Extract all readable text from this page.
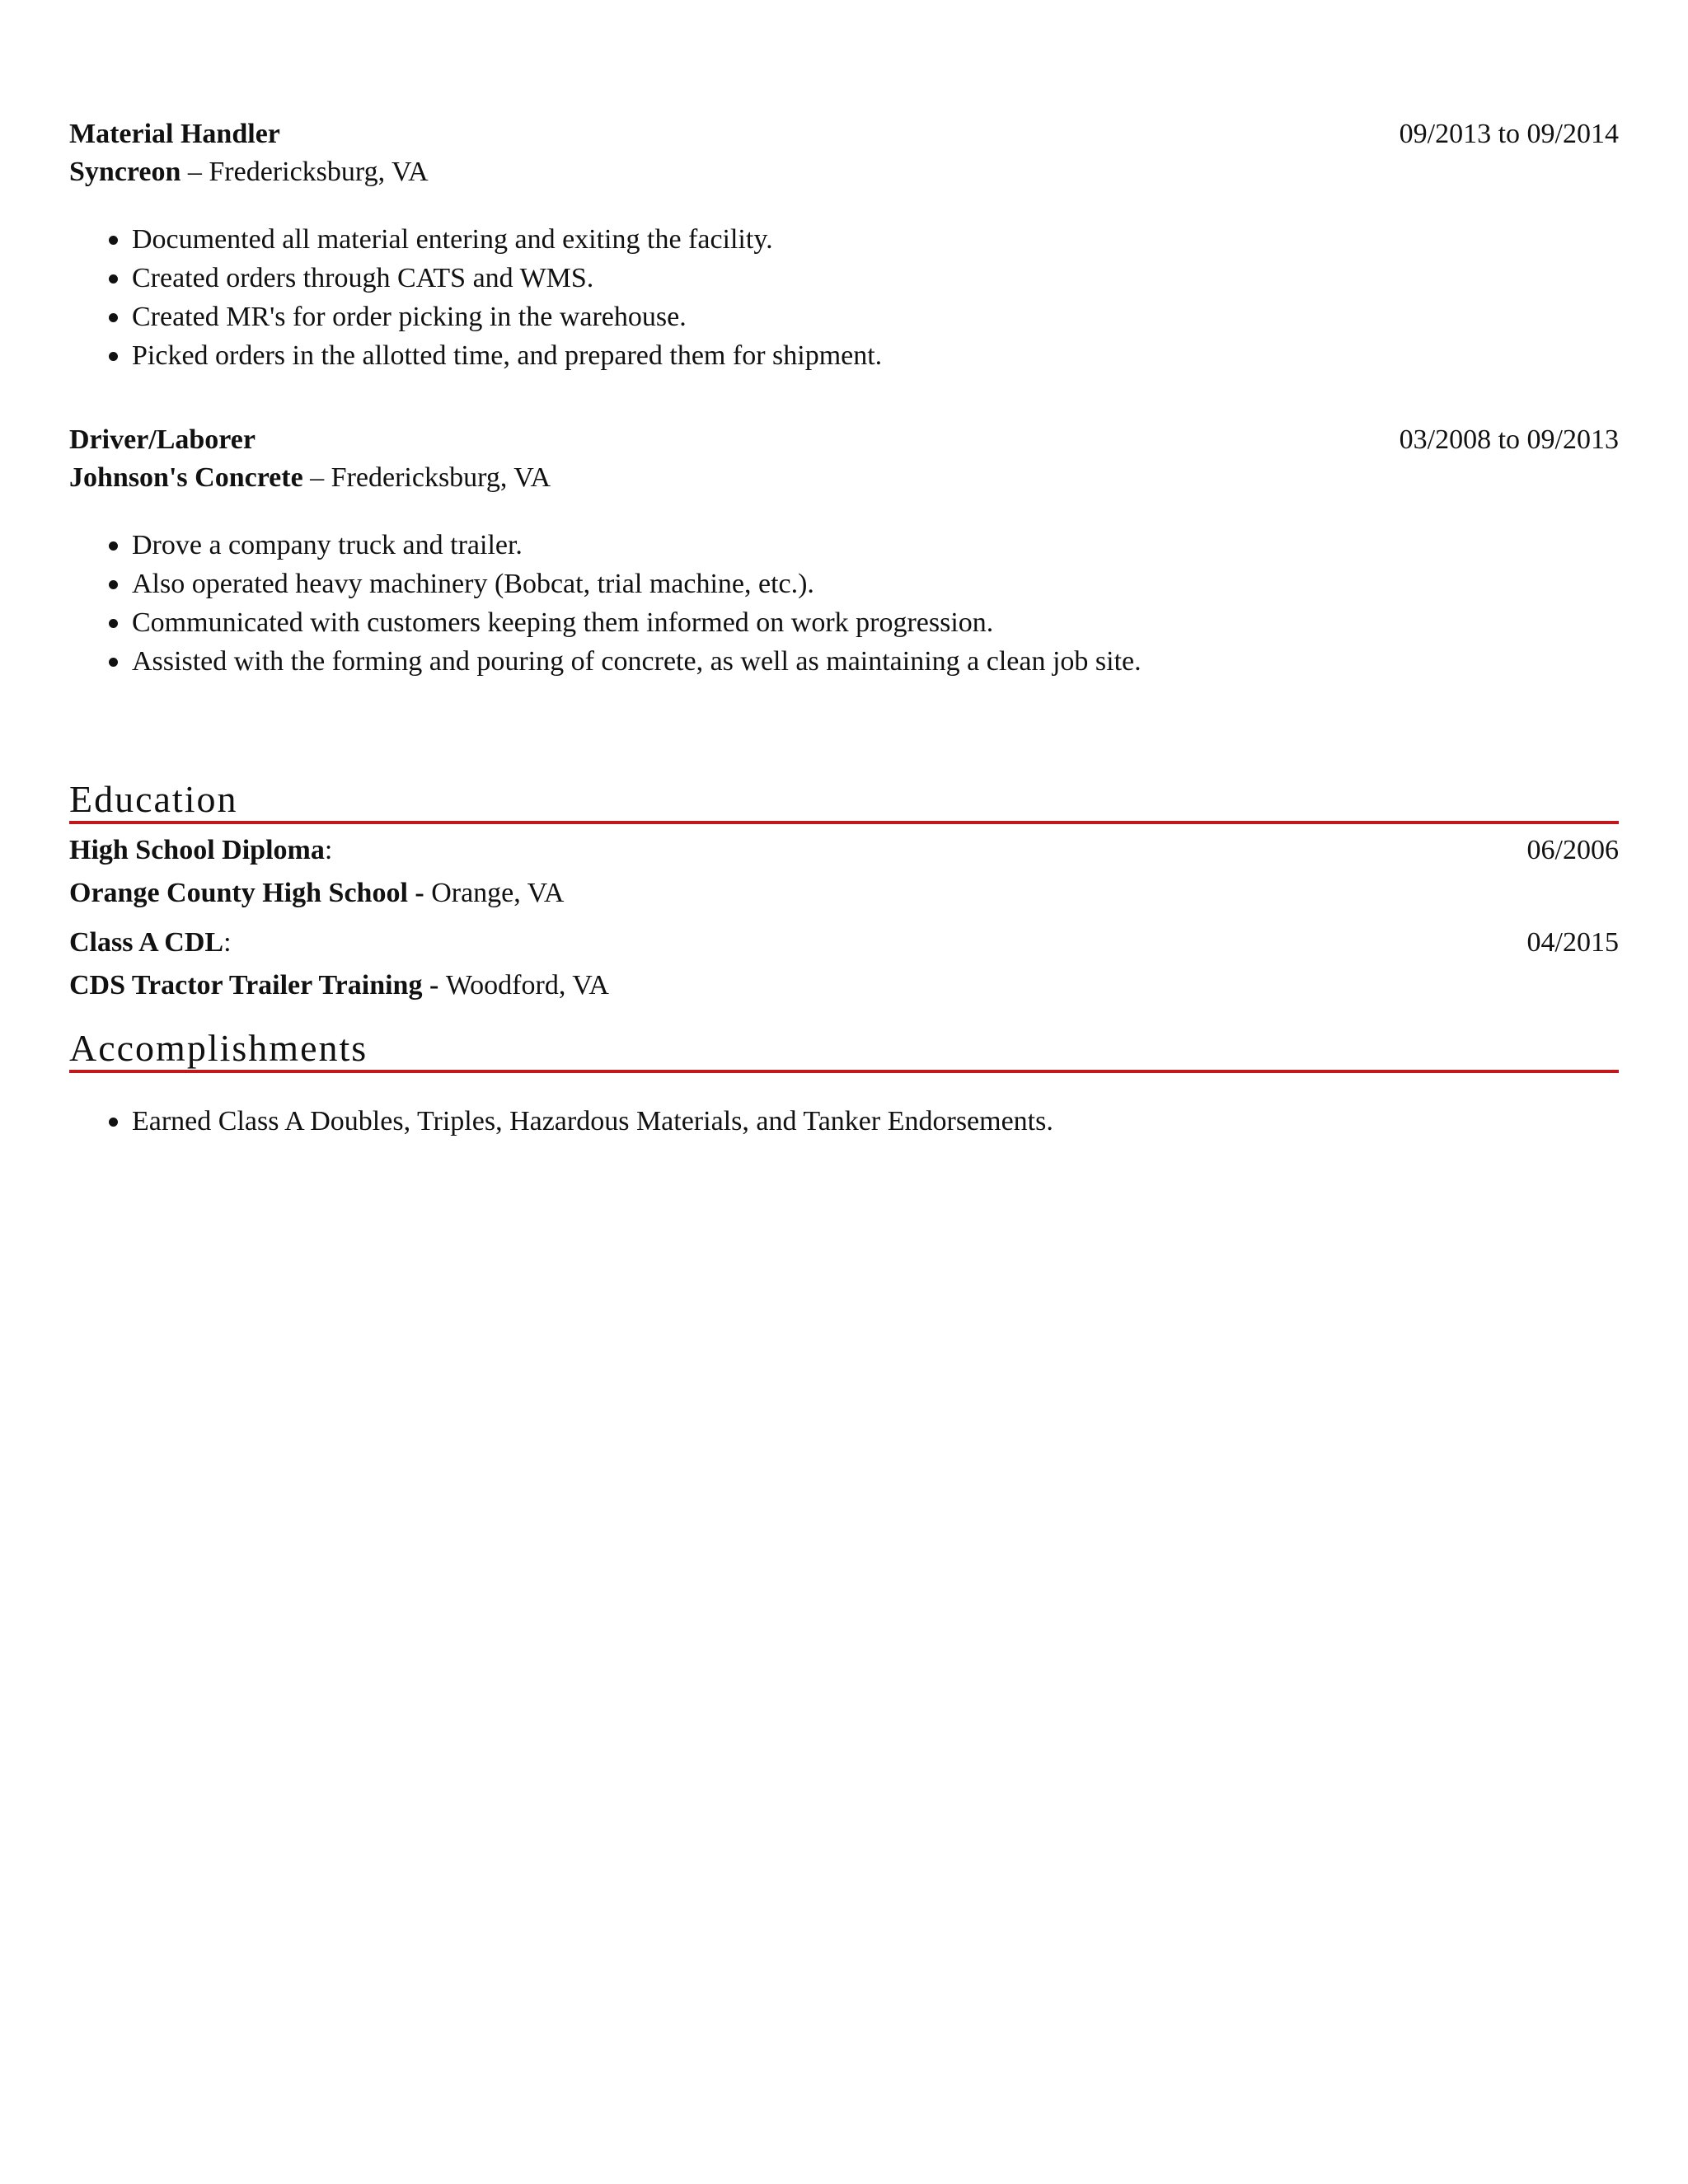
Material Handler	09/2013 to 09/2014
Syncreon – Fredericksburg, VA
Documented all material entering and exiting the facility.
Created orders through CATS and WMS.
Created MR's for order picking in the warehouse.
Picked orders in the allotted time, and prepared them for shipment.
Driver/Laborer	03/2008 to 09/2013
Johnson's Concrete – Fredericksburg, VA
Drove a company truck and trailer.
Also operated heavy machinery (Bobcat, trial machine, etc.).
Communicated with customers keeping them informed on work progression.
Assisted with the forming and pouring of concrete, as well as maintaining a clean job site.
Education
High School Diploma:	06/2006
Orange County High School - Orange, VA
Class A CDL:	04/2015
CDS Tractor Trailer Training - Woodford, VA
Accomplishments
Earned Class A Doubles, Triples, Hazardous Materials, and Tanker Endorsements.
